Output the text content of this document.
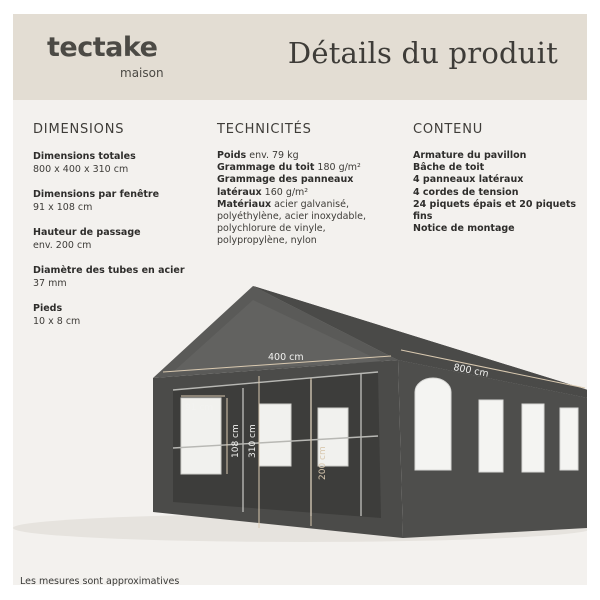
tectake
maison
Détails du produit
DIMENSIONS
Dimensions totales
800 x 400 x 310 cm
Dimensions par fenêtre
91 x 108 cm
Hauteur de passage
env. 200 cm
Diamètre des tubes en acier
37 mm
Pieds
10 x 8 cm
TECHNICITÉS
Poids env. 79 kg
Grammage du toit 180 g/m²
Grammage des panneaux
latéraux 160 g/m²
Matériaux acier galvanisé,
polyéthylène, acier inoxydable,
polychlorure de vinyle,
polypropylène, nylon
CONTENU
Armature du pavillon
Bâche de toit
4 panneaux latéraux
4 cordes de tension
24 piquets épais et 20 piquets
fins
Notice de montage
400 cm
800 cm
91 cm
108 cm 310 cm
200 cm
Les mesures sont approximatives
